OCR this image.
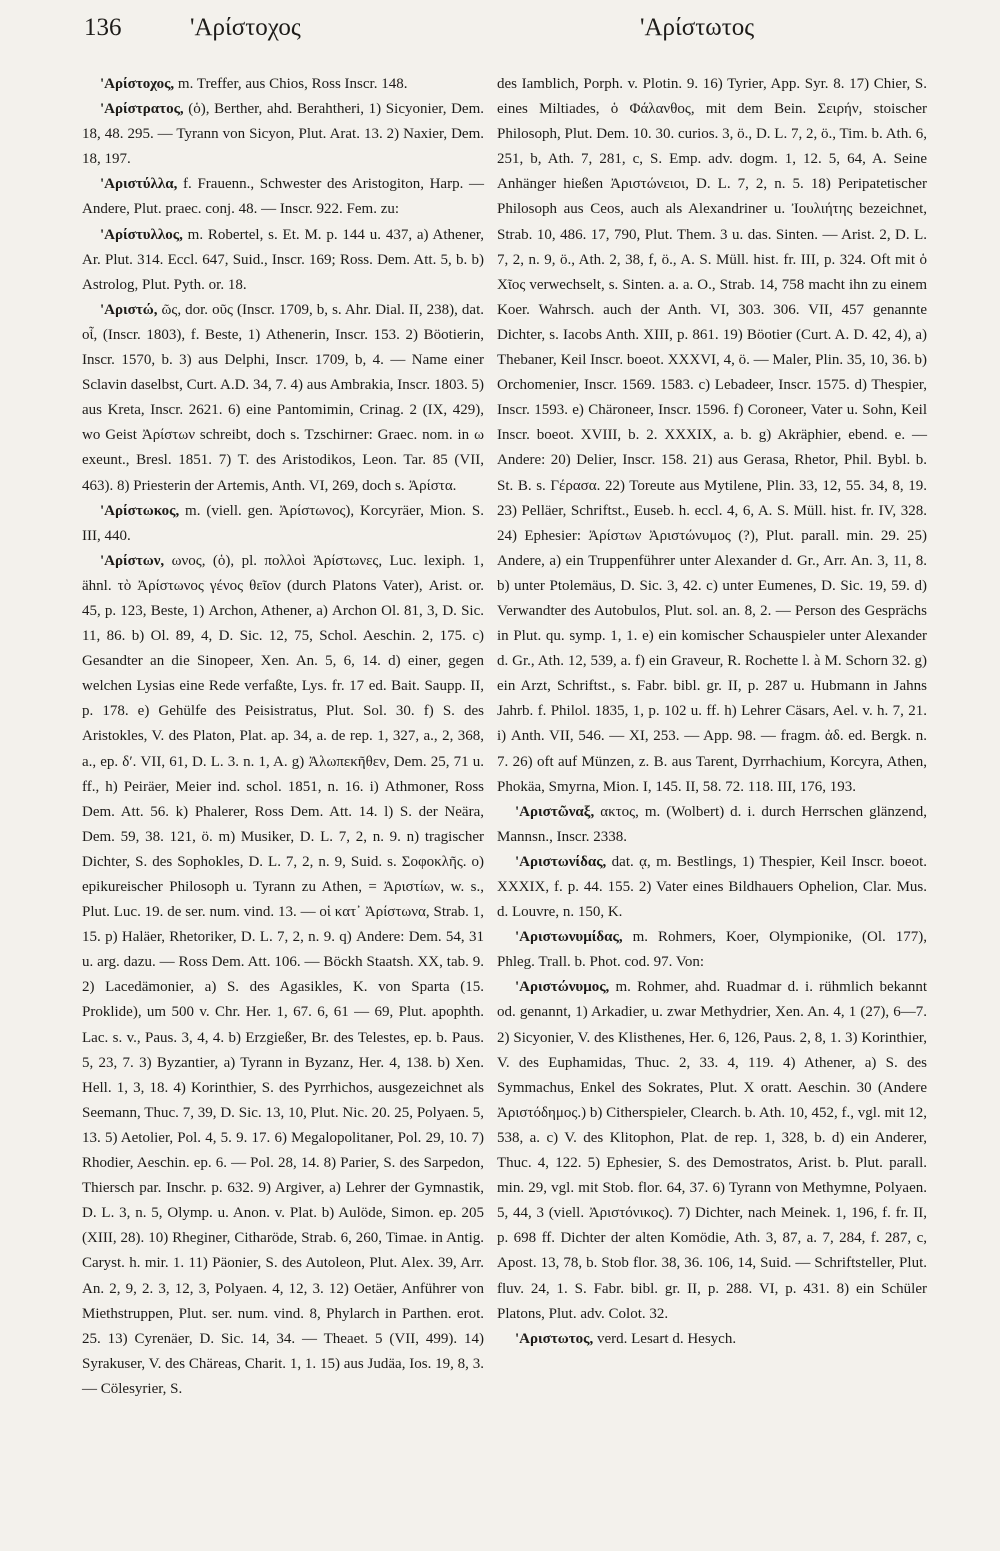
136	'Αρίστοχος	'Αρίστωτος

'Αρίστοχος, m. Treffer, aus Chios, Ross Inscr. 148.

'Αρίστρατος, (ὁ), Berther, ahd. Berahtheri, 1) Sicyonier, Dem. 18, 48. 295. — Tyrann von Sicyon, Plut. Arat. 13. 2) Naxier, Dem. 18, 197.

'Αριστύλλα, f. Frauenn., Schwester des Aristogiton, Harp. — Andere, Plut. praec. conj. 48. — Inscr. 922. Fem. zu:

'Αρίστυλλος, m. Robertel, s. Et. M. p. 144 u. 437, a) Athener, Ar. Plut. 314. Eccl. 647, Suid., Inscr. 169; Ross. Dem. Att. 5, b. b) Astrolog, Plut. Pyth. or. 18.

'Αριστώ, ῶς, dor. οῦς (Inscr. 1709, b, s. Ahr. Dial. II, 238), dat. οἷ, (Inscr. 1803), f. Beste, 1) Athenerin, Inscr. 153. 2) Böotierin, Inscr. 1570, b. 3) aus Delphi, Inscr. 1709, b, 4. — Name einer Sclavin daselbst, Curt. A.D. 34, 7. 4) aus Ambrakia, Inscr. 1803. 5) aus Kreta, Inscr. 2621. 6) eine Pantomimin, Crinag. 2 (IX, 429), wo Geist Ἀρίστων schreibt, doch s. Tzschirner: Graec. nom. in ω exeunt., Bresl. 1851. 7) T. des Aristodikos, Leon. Tar. 85 (VII, 463). 8) Priesterin der Artemis, Anth. VI, 269, doch s. Ἀρίστα.

'Αρίστωκος, m. (viell. gen. Ἀρίστωνος), Korcyräer, Mion. S. III, 440.

'Αρίστων, ωνος, (ὁ), pl. πολλοὶ Ἀρίστωνες, Luc. lexiph. 1, ähnl. τὸ Ἀρίστωνος γένος θεῖον (durch Platons Vater), Arist. or. 45, p. 123, Beste, 1) Archon, Athener, a) Archon Ol. 81, 3, D. Sic. 11, 86. b) Ol. 89, 4, D. Sic. 12, 75, Schol. Aeschin. 2, 175. c) Gesandter an die Sinopeer, Xen. An. 5, 6, 14. d) einer, gegen welchen Lysias eine Rede verfaßte, Lys. fr. 17 ed. Bait. Saupp. II, p. 178. e) Gehülfe des Peisistratus, Plut. Sol. 30. f) S. des Aristokles, V. des Platon, Plat. ap. 34, a. de rep. 1, 327, a., 2, 368, a., ep. δʹ. VII, 61, D. L. 3. n. 1, A. g) Ἀλωπεκῆθεν, Dem. 25, 71 u. ff., h) Peiräer, Meier ind. schol. 1851, n. 16. i) Athmoner, Ross Dem. Att. 56. k) Phalerer, Ross Dem. Att. 14. l) S. der Neära, Dem. 59, 38. 121, ö. m) Musiker, D. L. 7, 2, n. 9. n) tragischer Dichter, S. des Sophokles, D. L. 7, 2, n. 9, Suid. s. Σοφοκλῆς. o) epikureischer Philosoph u. Tyrann zu Athen, = Ἀριστίων, w. s., Plut. Luc. 19. de ser. num. vind. 13. — οἱ κατ᾽ Ἀρίστωνα, Strab. 1, 15. p) Haläer, Rhetoriker, D. L. 7, 2, n. 9. q) Andere: Dem. 54, 31 u. arg. dazu. — Ross Dem. Att. 106. — Böckh Staatsh. XX, tab. 9. 2) Lacedämonier, a) S. des Agasikles, K. von Sparta (15. Proklide), um 500 v. Chr. Her. 1, 67. 6, 61 — 69, Plut. apophth. Lac. s. v., Paus. 3, 4, 4. b) Erzgießer, Br. des Telestes, ep. b. Paus. 5, 23, 7. 3) Byzantier, a) Tyrann in Byzanz, Her. 4, 138. b) Xen. Hell. 1, 3, 18. 4) Korinthier, S. des Pyrrhichos, ausgezeichnet als Seemann, Thuc. 7, 39, D. Sic. 13, 10, Plut. Nic. 20. 25, Polyaen. 5, 13. 5) Aetolier, Pol. 4, 5. 9. 17. 6) Megalopolitaner, Pol. 29, 10. 7) Rhodier, Aeschin. ep. 6. — Pol. 28, 14. 8) Parier, S. des Sarpedon, Thiersch par. Inschr. p. 632. 9) Argiver, a) Lehrer der Gymnastik, D. L. 3, n. 5, Olymp. u. Anon. v. Plat. b) Aulöde, Simon. ep. 205 (XIII, 28). 10) Rheginer, Citharöde, Strab. 6, 260, Timae. in Antig. Caryst. h. mir. 1. 11) Päonier, S. des Autoleon, Plut. Alex. 39, Arr. An. 2, 9, 2. 3, 12, 3, Polyaen. 4, 12, 3. 12) Oetäer, Anführer von Miethstruppen, Plut. ser. num. vind. 8, Phylarch in Parthen. erot. 25. 13) Cyrenäer, D. Sic. 14, 34. — Theaet. 5 (VII, 499). 14) Syrakuser, V. des Chäreas, Charit. 1, 1. 15) aus Judäa, Ios. 19, 8, 3. — Cölesyrier, S.

des Iamblich, Porph. v. Plotin. 9. 16) Tyrier, App. Syr. 8. 17) Chier, S. eines Miltiades, ὁ Φάλανθος, mit dem Bein. Σειρήν, stoischer Philosoph, Plut. Dem. 10. 30. curios. 3, ö., D. L. 7, 2, ö., Tim. b. Ath. 6, 251, b, Ath. 7, 281, c, S. Emp. adv. dogm. 1, 12. 5, 64, A. Seine Anhänger hießen Ἀριστώνειοι, D. L. 7, 2, n. 5. 18) Peripatetischer Philosoph aus Ceos, auch als Alexandriner u. Ἰουλιήτης bezeichnet, Strab. 10, 486. 17, 790, Plut. Them. 3 u. das. Sinten. — Arist. 2, D. L. 7, 2, n. 9, ö., Ath. 2, 38, f, ö., A. S. Müll. hist. fr. III, p. 324. Oft mit ὁ Χῖος verwechselt, s. Sinten. a. a. O., Strab. 14, 758 macht ihn zu einem Koer. Wahrsch. auch der Anth. VI, 303. 306. VII, 457 genannte Dichter, s. Iacobs Anth. XIII, p. 861. 19) Böotier (Curt. A. D. 42, 4), a) Thebaner, Keil Inscr. boeot. XXXVI, 4, ö. — Maler, Plin. 35, 10, 36. b) Orchomenier, Inscr. 1569. 1583. c) Lebadeer, Inscr. 1575. d) Thespier, Inscr. 1593. e) Chäroneer, Inscr. 1596. f) Coroneer, Vater u. Sohn, Keil Inscr. boeot. XVIII, b. 2. XXXIX, a. b. g) Akräphier, ebend. e. — Andere: 20) Delier, Inscr. 158. 21) aus Gerasa, Rhetor, Phil. Bybl. b. St. B. s. Γέρασα. 22) Toreute aus Mytilene, Plin. 33, 12, 55. 34, 8, 19. 23) Pelläer, Schriftst., Euseb. h. eccl. 4, 6, A. S. Müll. hist. fr. IV, 328. 24) Ephesier: Ἀρίστων Ἀριστώνυμος (?), Plut. parall. min. 29. 25) Andere, a) ein Truppenführer unter Alexander d. Gr., Arr. An. 3, 11, 8. b) unter Ptolemäus, D. Sic. 3, 42. c) unter Eumenes, D. Sic. 19, 59. d) Verwandter des Autobulos, Plut. sol. an. 8, 2. — Person des Gesprächs in Plut. qu. symp. 1, 1. e) ein komischer Schauspieler unter Alexander d. Gr., Ath. 12, 539, a. f) ein Graveur, R. Rochette l. à M. Schorn 32. g) ein Arzt, Schriftst., s. Fabr. bibl. gr. II, p. 287 u. Hubmann in Jahns Jahrb. f. Philol. 1835, 1, p. 102 u. ff. h) Lehrer Cäsars, Ael. v. h. 7, 21. i) Anth. VII, 546. — XI, 253. — App. 98. — fragm. ἀδ. ed. Bergk. n. 7. 26) oft auf Münzen, z. B. aus Tarent, Dyrrhachium, Korcyra, Athen, Phokäa, Smyrna, Mion. I, 145. II, 58. 72. 118. III, 176, 193.

'Αριστῶναξ, ακτος, m. (Wolbert) d. i. durch Herrschen glänzend, Mannsn., Inscr. 2338.

'Αριστωνίδας, dat. ᾳ, m. Bestlings, 1) Thespier, Keil Inscr. boeot. XXXIX, f. p. 44. 155. 2) Vater eines Bildhauers Ophelion, Clar. Mus. d. Louvre, n. 150, K.

'Αριστωνυμίδας, m. Rohmers, Koer, Olympionike, (Ol. 177), Phleg. Trall. b. Phot. cod. 97. Von:

'Αριστώνυμος, m. Rohmer, ahd. Ruadmar d. i. rühmlich bekannt od. genannt, 1) Arkadier, u. zwar Methydrier, Xen. An. 4, 1 (27), 6—7. 2) Sicyonier, V. des Klisthenes, Her. 6, 126, Paus. 2, 8, 1. 3) Korinthier, V. des Euphamidas, Thuc. 2, 33. 4, 119. 4) Athener, a) S. des Symmachus, Enkel des Sokrates, Plut. X oratt. Aeschin. 30 (Andere Ἀριστόδημος.) b) Citherspieler, Clearch. b. Ath. 10, 452, f., vgl. mit 12, 538, a. c) V. des Klitophon, Plat. de rep. 1, 328, b. d) ein Anderer, Thuc. 4, 122. 5) Ephesier, S. des Demostratos, Arist. b. Plut. parall. min. 29, vgl. mit Stob. flor. 64, 37. 6) Tyrann von Methymne, Polyaen. 5, 44, 3 (viell. Ἀριστόνικος). 7) Dichter, nach Meinek. 1, 196, f. fr. II, p. 698 ff. Dichter der alten Komödie, Ath. 3, 87, a. 7, 284, f. 287, c, Apost. 13, 78, b. Stob flor. 38, 36. 106, 14, Suid. — Schriftsteller, Plut. fluv. 24, 1. S. Fabr. bibl. gr. II, p. 288. VI, p. 431. 8) ein Schüler Platons, Plut. adv. Colot. 32.

'Αριστωτος, verd. Lesart d. Hesych.
